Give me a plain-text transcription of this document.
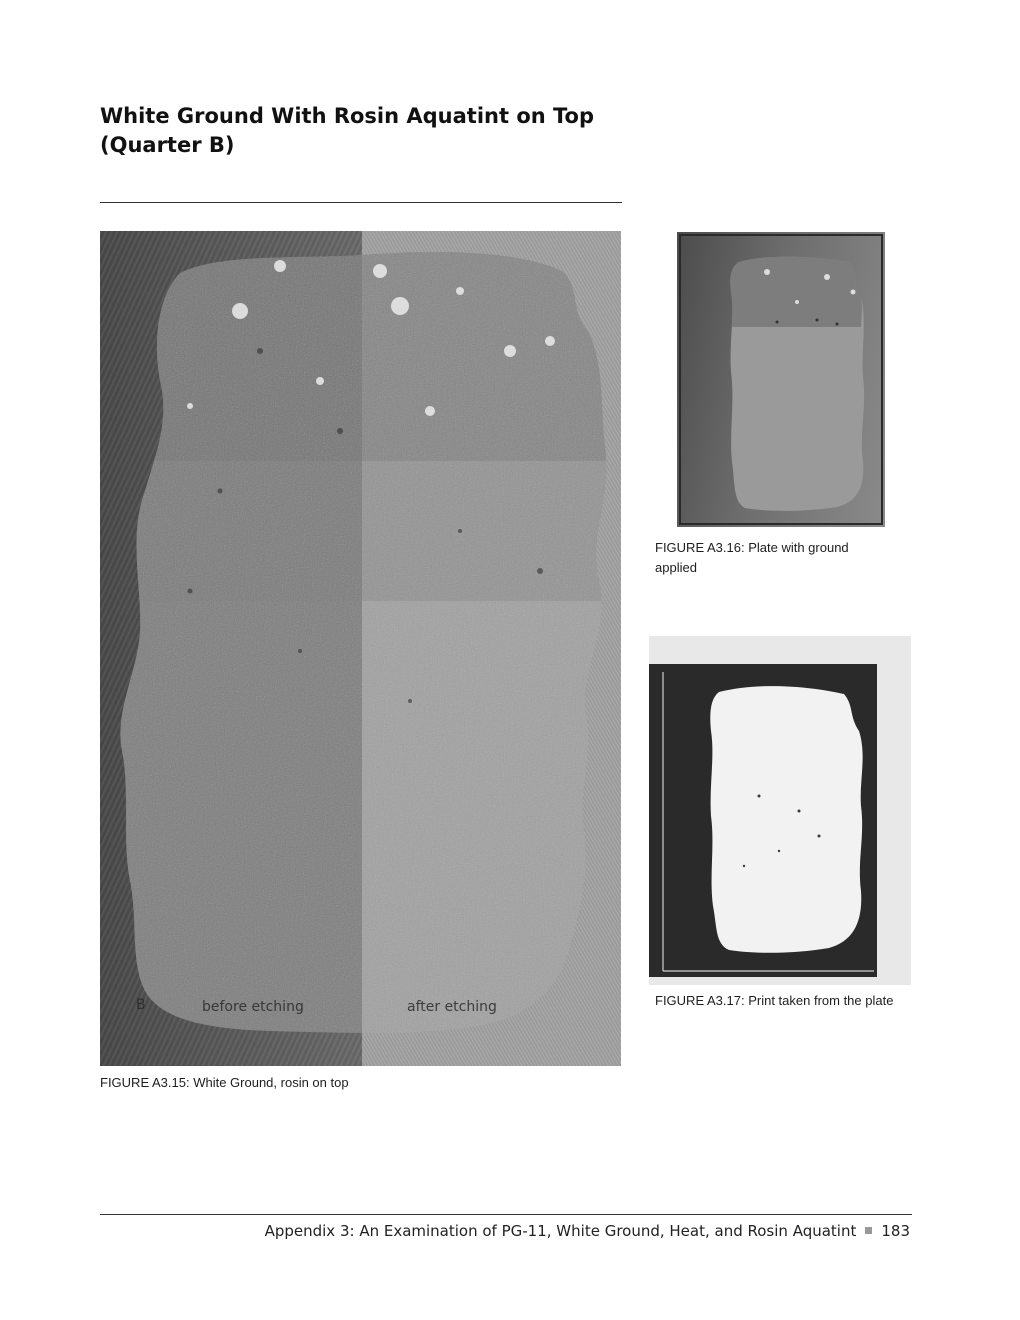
White Ground With Rosin Aquatint on Top
(Quarter B)
B	before etching	after etching
FIGURE A3.15: White Ground, rosin on top
FIGURE A3.16: Plate with ground applied
FIGURE A3.17: Print taken from the plate
Appendix 3: An Examination of PG-11, White Ground, Heat, and Rosin Aquatint 183
